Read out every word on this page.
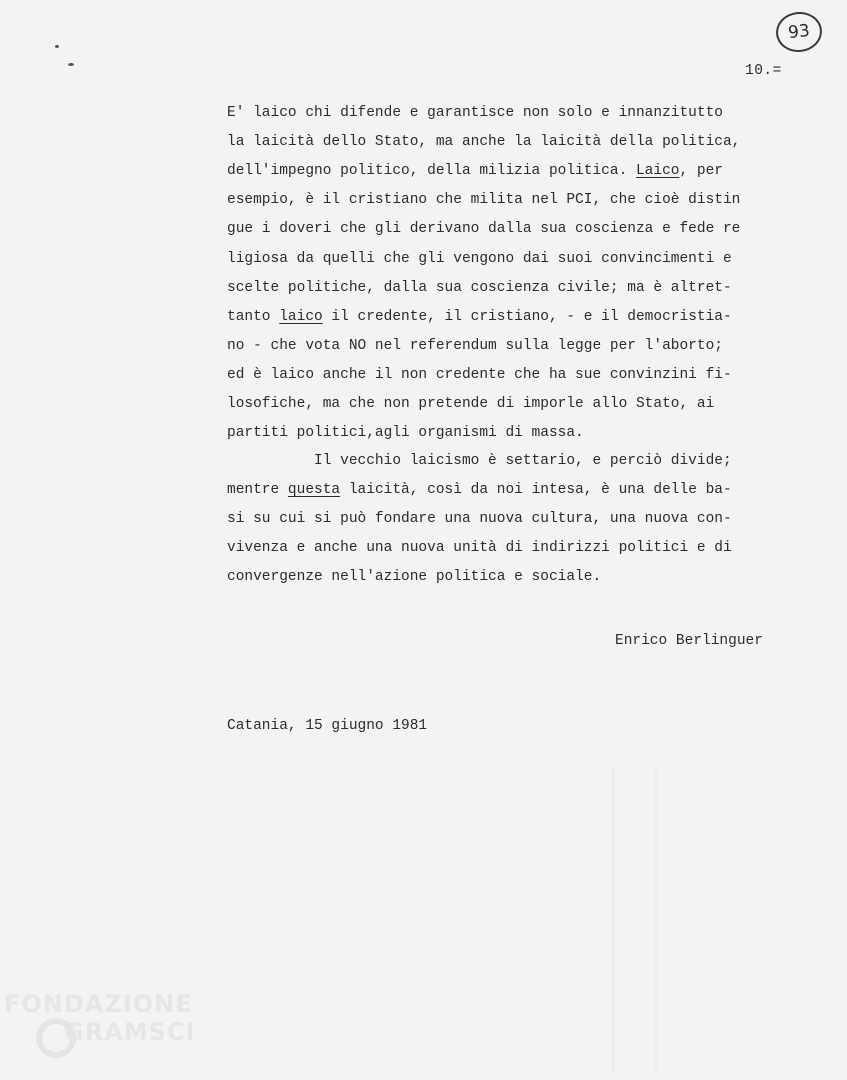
93
10.=
E' laico chi difende e garantisce non solo e innanzitutto
la laicità dello Stato, ma anche la laicità della politica,
dell'impegno politico, della milizia politica. Laico, per
esempio, è il cristiano che milita nel PCI, che cioè distin
gue i doveri che gli derivano dalla sua coscienza e fede re
ligiosa da quelli che gli vengono dai suoi convincimenti e
scelte politiche, dalla sua coscienza civile; ma è altret-
tanto laico il credente, il cristiano, - e il democristia-
no - che vota NO nel referendum sulla legge per l'aborto;
ed è laico anche il non credente che ha sue convinzini fi-
losofiche, ma che non pretende di imporle allo Stato, ai
partiti politici,agli organismi di massa.
Il vecchio laicismo è settario, e perciò divide;
mentre questa laicità, così da noi intesa, è una delle ba-
si su cui si può fondare una nuova cultura, una nuova con-
vivenza e anche una nuova unità di indirizzi politici e di
convergenze nell'azione politica e sociale.
Enrico Berlinguer
Catania, 15 giugno 1981
FONDAZIONE
GRAMSCI
